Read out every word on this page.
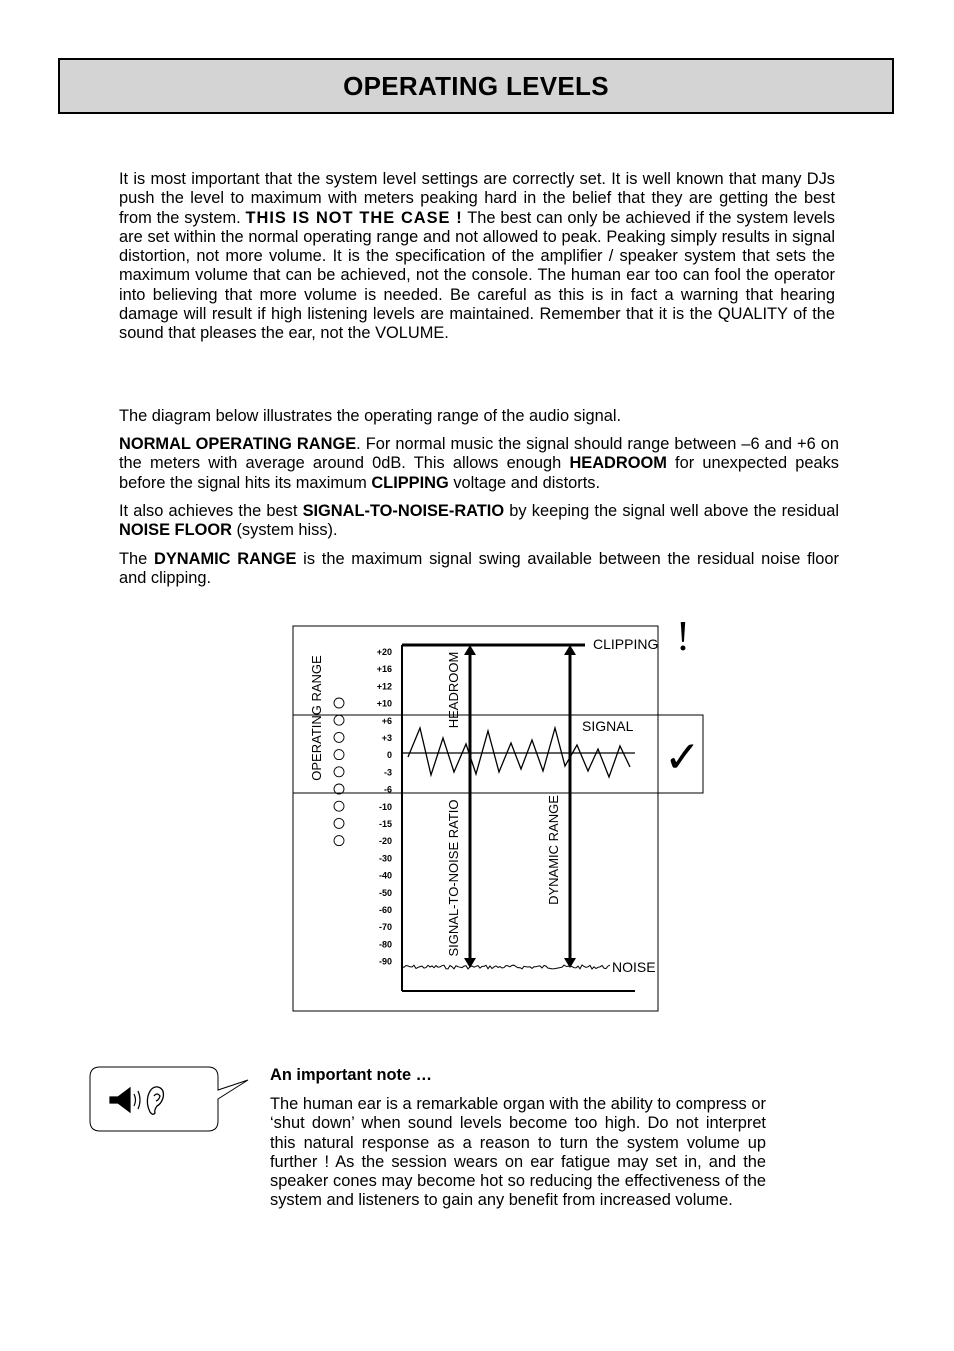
OPERATING LEVELS
It is most important that the system level settings are correctly set. It is well known that many DJs push the level to maximum with meters peaking hard in the belief that they are getting the best from the system. THIS IS NOT THE CASE ! The best can only be achieved if the system levels are set within the normal operating range and not allowed to peak. Peaking simply results in signal distortion, not more volume. It is the specification of the amplifier / speaker system that sets the maximum volume that can be achieved, not the console. The human ear too can fool the operator into believing that more volume is needed. Be careful as this is in fact a warning that hearing damage will result if high listening levels are maintained. Remember that it is the QUALITY of the sound that pleases the ear, not the VOLUME.
The diagram below illustrates the operating range of the audio signal.
NORMAL OPERATING RANGE. For normal music the signal should range between –6 and +6 on the meters with average around 0dB. This allows enough HEADROOM for unexpected peaks before the signal hits its maximum CLIPPING voltage and distorts.
It also achieves the best SIGNAL-TO-NOISE-RATIO by keeping the signal well above the residual NOISE FLOOR (system hiss).
The DYNAMIC RANGE is the maximum signal swing available between the residual noise floor and clipping.
+20
+16
+12
+10
+6
+3
0
-3
-6
-10
-15
-20
-30
-40
-50
-60
-70
-80
-90
OPERATING RANGE	HEADROOM
SIGNAL-TO-NOISE RATIO	DYNAMIC RANGE
CLIPPING
SIGNAL
NOISE
!
✓
An important note …
The human ear is a remarkable organ with the ability to compress or ‘shut down’ when sound levels become too high. Do not interpret this natural response as a reason to turn the system volume up further ! As the session wears on ear fatigue may set in, and the speaker cones may become hot so reducing the effectiveness of the system and listeners to gain any benefit from increased volume.
